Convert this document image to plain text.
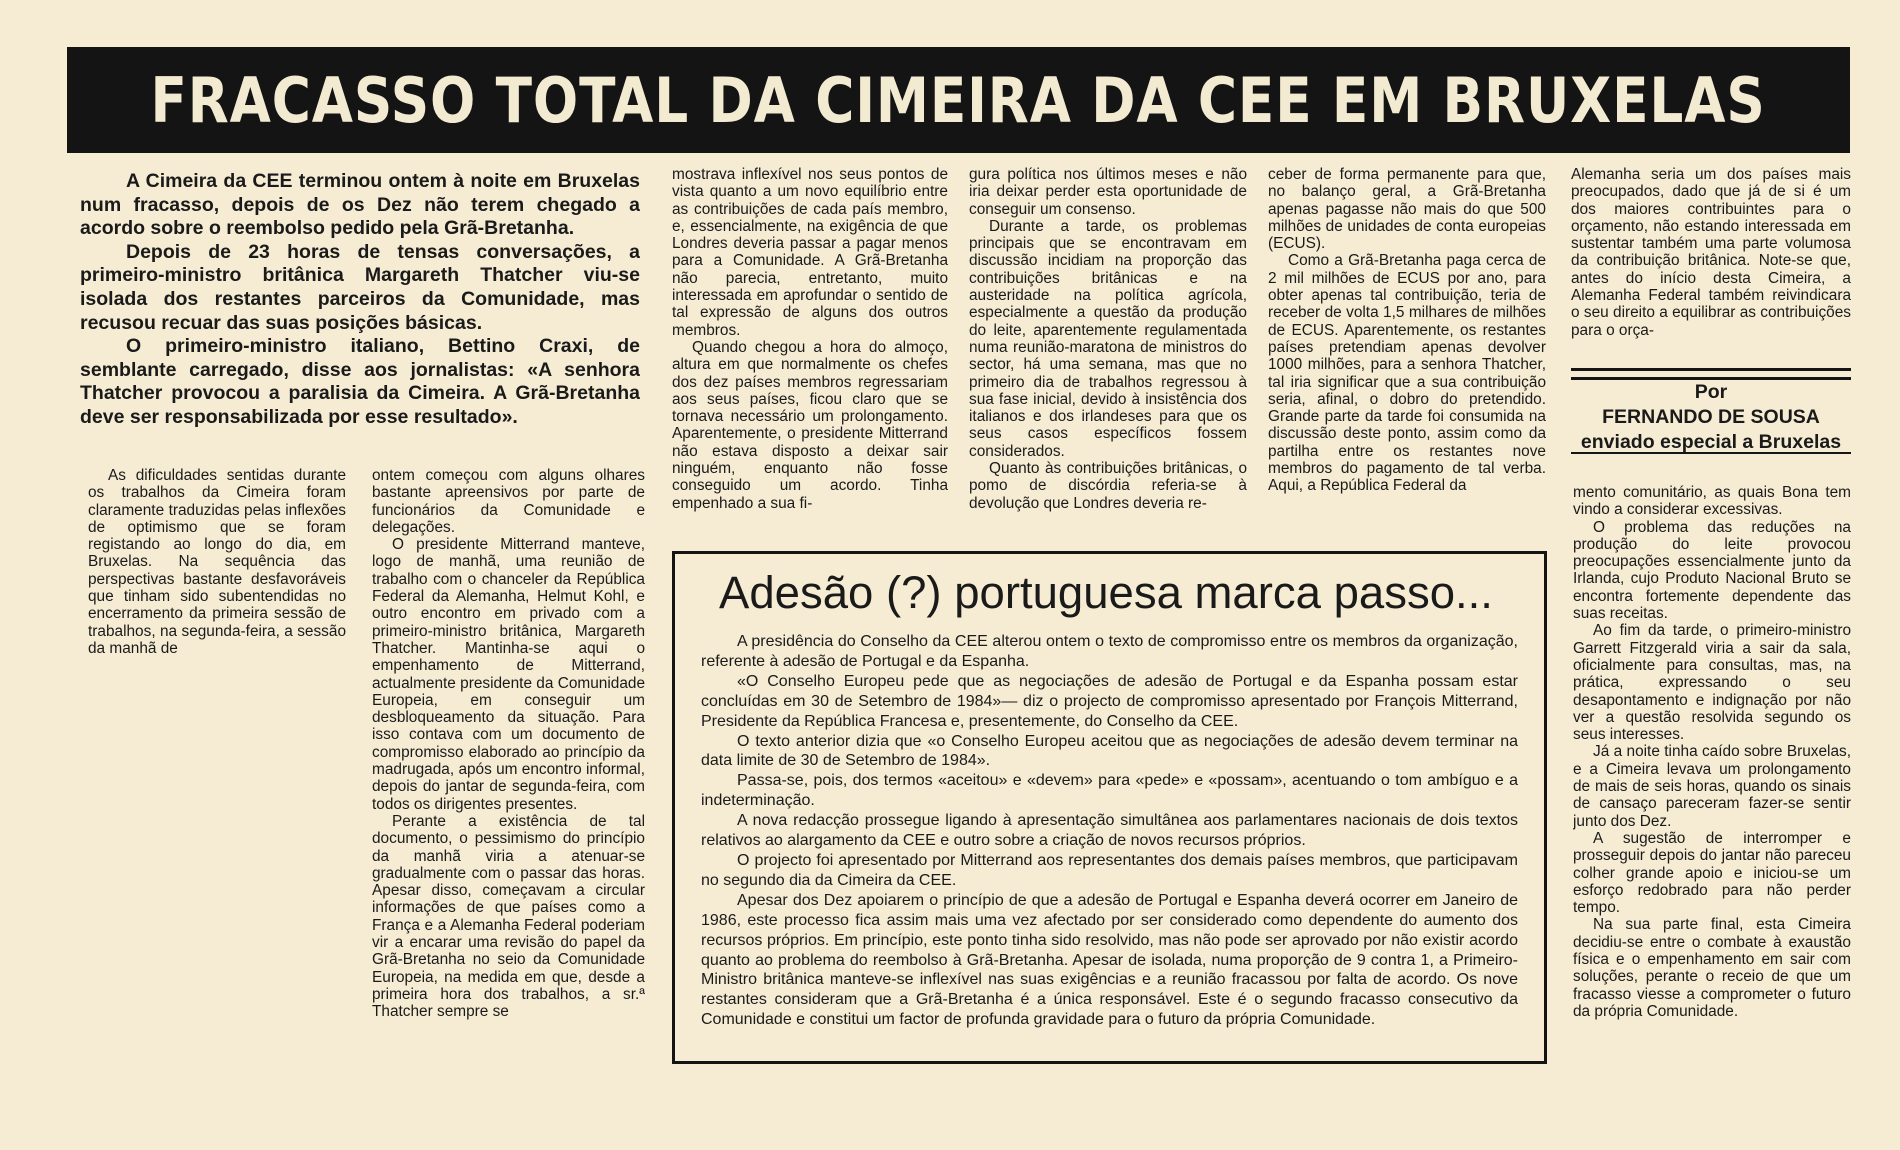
FRACASSO TOTAL DA CIMEIRA DA CEE EM BRUXELAS

A Cimeira da CEE terminou ontem à noite em Bruxelas num fracasso, depois de os Dez não terem chegado a acordo sobre o reembolso pedido pela Grã-Bretanha.

Depois de 23 horas de tensas conversações, a primeiro-ministro britânica Margareth Thatcher viu-se isolada dos restantes parceiros da Comunidade, mas recusou recuar das suas posições básicas.

O primeiro-ministro italiano, Bettino Craxi, de semblante carregado, disse aos jornalistas: «A senhora Thatcher provocou a paralisia da Cimeira. A Grã-Bretanha deve ser responsabilizada por esse resultado».

As dificuldades sentidas durante os trabalhos da Cimeira foram claramente traduzidas pelas inflexões de optimismo que se foram registando ao longo do dia, em Bruxelas. Na sequência das perspectivas bastante desfavoráveis que tinham sido subentendidas no encerramento da primeira sessão de trabalhos, na segunda-feira, a sessão da manhã de

ontem começou com alguns olhares bastante apreensivos por parte de funcionários da Comunidade e delegações.

O presidente Mitterrand manteve, logo de manhã, uma reunião de trabalho com o chanceler da República Federal da Alemanha, Helmut Kohl, e outro encontro em privado com a primeiro-ministro britânica, Margareth Thatcher. Mantinha-se aqui o empenhamento de Mitterrand, actualmente presidente da Comunidade Europeia, em conseguir um desbloqueamento da situação. Para isso contava com um documento de compromisso elaborado ao princípio da madrugada, após um encontro informal, depois do jantar de segunda-feira, com todos os dirigentes presentes.

Perante a existência de tal documento, o pessimismo do princípio da manhã viria a atenuar-se gradualmente com o passar das horas. Apesar disso, começavam a circular informações de que países como a França e a Alemanha Federal poderiam vir a encarar uma revisão do papel da Grã-Bretanha no seio da Comunidade Europeia, na medida em que, desde a primeira hora dos trabalhos, a sr.ª Thatcher sempre se

mostrava inflexível nos seus pontos de vista quanto a um novo equilíbrio entre as contribuições de cada país membro, e, essencialmente, na exigência de que Londres deveria passar a pagar menos para a Comunidade. A Grã-Bretanha não parecia, entretanto, muito interessada em aprofundar o sentido de tal expressão de alguns dos outros membros.

Quando chegou a hora do almoço, altura em que normalmente os chefes dos dez países membros regressariam aos seus países, ficou claro que se tornava necessário um prolongamento. Aparentemente, o presidente Mitterrand não estava disposto a deixar sair ninguém, enquanto não fosse conseguido um acordo. Tinha empenhado a sua fi-

gura política nos últimos meses e não iria deixar perder esta oportunidade de conseguir um consenso.

Durante a tarde, os problemas principais que se encontravam em discussão incidiam na proporção das contribuições britânicas e na austeridade na política agrícola, especialmente a questão da produção do leite, aparentemente regulamentada numa reunião-maratona de ministros do sector, há uma semana, mas que no primeiro dia de trabalhos regressou à sua fase inicial, devido à insistência dos italianos e dos irlandeses para que os seus casos específicos fossem considerados.

Quanto às contribuições britânicas, o pomo de discórdia referia-se à devolução que Londres deveria re-

ceber de forma permanente para que, no balanço geral, a Grã-Bretanha apenas pagasse não mais do que 500 milhões de unidades de conta europeias (ECUS).

Como a Grã-Bretanha paga cerca de 2 mil milhões de ECUS por ano, para obter apenas tal contribuição, teria de receber de volta 1,5 milhares de milhões de ECUS. Aparentemente, os restantes países pretendiam apenas devolver 1000 milhões, para a senhora Thatcher, tal iria significar que a sua contribuição seria, afinal, o dobro do pretendido. Grande parte da tarde foi consumida na discussão deste ponto, assim como da partilha entre os restantes nove membros do pagamento de tal verba. Aqui, a República Federal da

Alemanha seria um dos países mais preocupados, dado que já de si é um dos maiores contribuintes para o orçamento, não estando interessada em sustentar também uma parte volumosa da contribuição britânica. Note-se que, antes do início desta Cimeira, a Alemanha Federal também reivindicara o seu direito a equilibrar as contribuições para o orça-

Por
FERNANDO DE SOUSA
enviado especial a Bruxelas

mento comunitário, as quais Bona tem vindo a considerar excessivas.

O problema das reduções na produção do leite provocou preocupações essencialmente junto da Irlanda, cujo Produto Nacional Bruto se encontra fortemente dependente das suas receitas.

Ao fim da tarde, o primeiro-ministro Garrett Fitzgerald viria a sair da sala, oficialmente para consultas, mas, na prática, expressando o seu desapontamento e indignação por não ver a questão resolvida segundo os seus interesses.

Já a noite tinha caído sobre Bruxelas, e a Cimeira levava um prolongamento de mais de seis horas, quando os sinais de cansaço pareceram fazer-se sentir junto dos Dez.

A sugestão de interromper e prosseguir depois do jantar não pareceu colher grande apoio e iniciou-se um esforço redobrado para não perder tempo.

Na sua parte final, esta Cimeira decidiu-se entre o combate à exaustão física e o empenhamento em sair com soluções, perante o receio de que um fracasso viesse a comprometer o futuro da própria Comunidade.

Adesão (?) portuguesa marca passo...

A presidência do Conselho da CEE alterou ontem o texto de compromisso entre os membros da organização, referente à adesão de Portugal e da Espanha.

«O Conselho Europeu pede que as negociações de adesão de Portugal e da Espanha possam estar concluídas em 30 de Setembro de 1984»— diz o projecto de compromisso apresentado por François Mitterrand, Presidente da República Francesa e, presentemente, do Conselho da CEE.

O texto anterior dizia que «o Conselho Europeu aceitou que as negociações de adesão devem terminar na data limite de 30 de Setembro de 1984».

Passa-se, pois, dos termos «aceitou» e «devem» para «pede» e «possam», acentuando o tom ambíguo e a indeterminação.

A nova redacção prossegue ligando à apresentação simultânea aos parlamentares nacionais de dois textos relativos ao alargamento da CEE e outro sobre a criação de novos recursos próprios.

O projecto foi apresentado por Mitterrand aos representantes dos demais países membros, que participavam no segundo dia da Cimeira da CEE.

Apesar dos Dez apoiarem o princípio de que a adesão de Portugal e Espanha deverá ocorrer em Janeiro de 1986, este processo fica assim mais uma vez afectado por ser considerado como dependente do aumento dos recursos próprios. Em princípio, este ponto tinha sido resolvido, mas não pode ser aprovado por não existir acordo quanto ao problema do reembolso à Grã-Bretanha. Apesar de isolada, numa proporção de 9 contra 1, a Primeiro-Ministro britânica manteve-se inflexível nas suas exigências e a reunião fracassou por falta de acordo. Os nove restantes consideram que a Grã-Bretanha é a única responsável. Este é o segundo fracasso consecutivo da Comunidade e constitui um factor de profunda gravidade para o futuro da própria Comunidade.
